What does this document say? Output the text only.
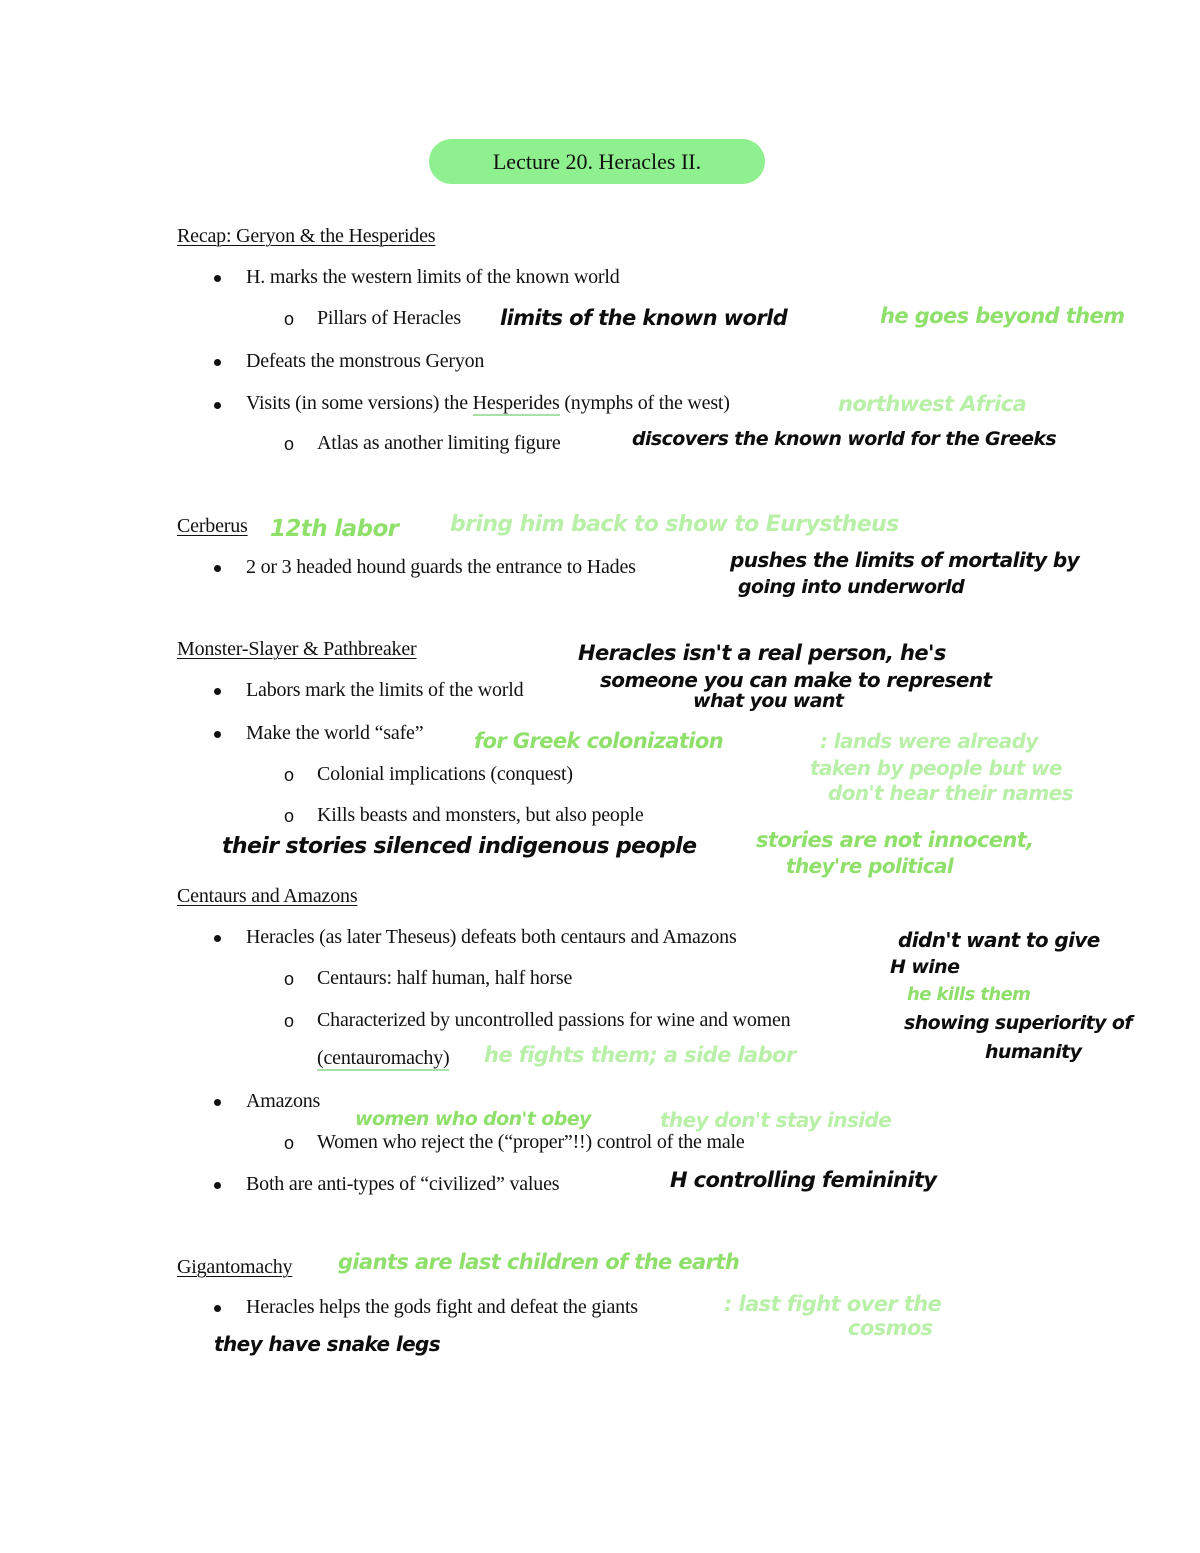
Lecture 20. Heracles II.
Recap: Geryon & the Hesperides
H. marks the western limits of the known world
o Pillars of Heracles limits of the known world	he goes beyond them
Defeats the monstrous Geryon
Visits (in some versions) the Hesperides (nymphs of the west)	northwest Africa
o Atlas as another limiting figure	discovers the known world for the Greeks
Cerberus 12th labor bring him back to show to Eurystheus
2 or 3 headed hound guards the entrance to Hades	pushes the limits of mortality by
going into underworld
Monster-Slayer & Pathbreaker	Heracles isn't a real person, he's
someone you can make to represent
what you want
Labors mark the limits of the world
Make the world “safe” for Greek colonization	: lands were already
taken by people but we
don't hear their names
o Colonial implications (conquest)
o Kills beasts and monsters, but also people
their stories silenced indigenous people	stories are not innocent,
they're political
Centaurs and Amazons
Heracles (as later Theseus) defeats both centaurs and Amazons	didn't want to give
H wine
he kills them
o Centaurs: half human, half horse
o Characterized by uncontrolled passions for wine and women	showing superiority of
humanity
(centauromachy) he fights them; a side labor
Amazons
women who don't obey	they don't stay inside
o Women who reject the (“proper”!!) control of the male
Both are anti-types of “civilized” values	H controlling femininity
Gigantomachy giants are last children of the earth
Heracles helps the gods fight and defeat the giants	: last fight over the
cosmos
they have snake legs
